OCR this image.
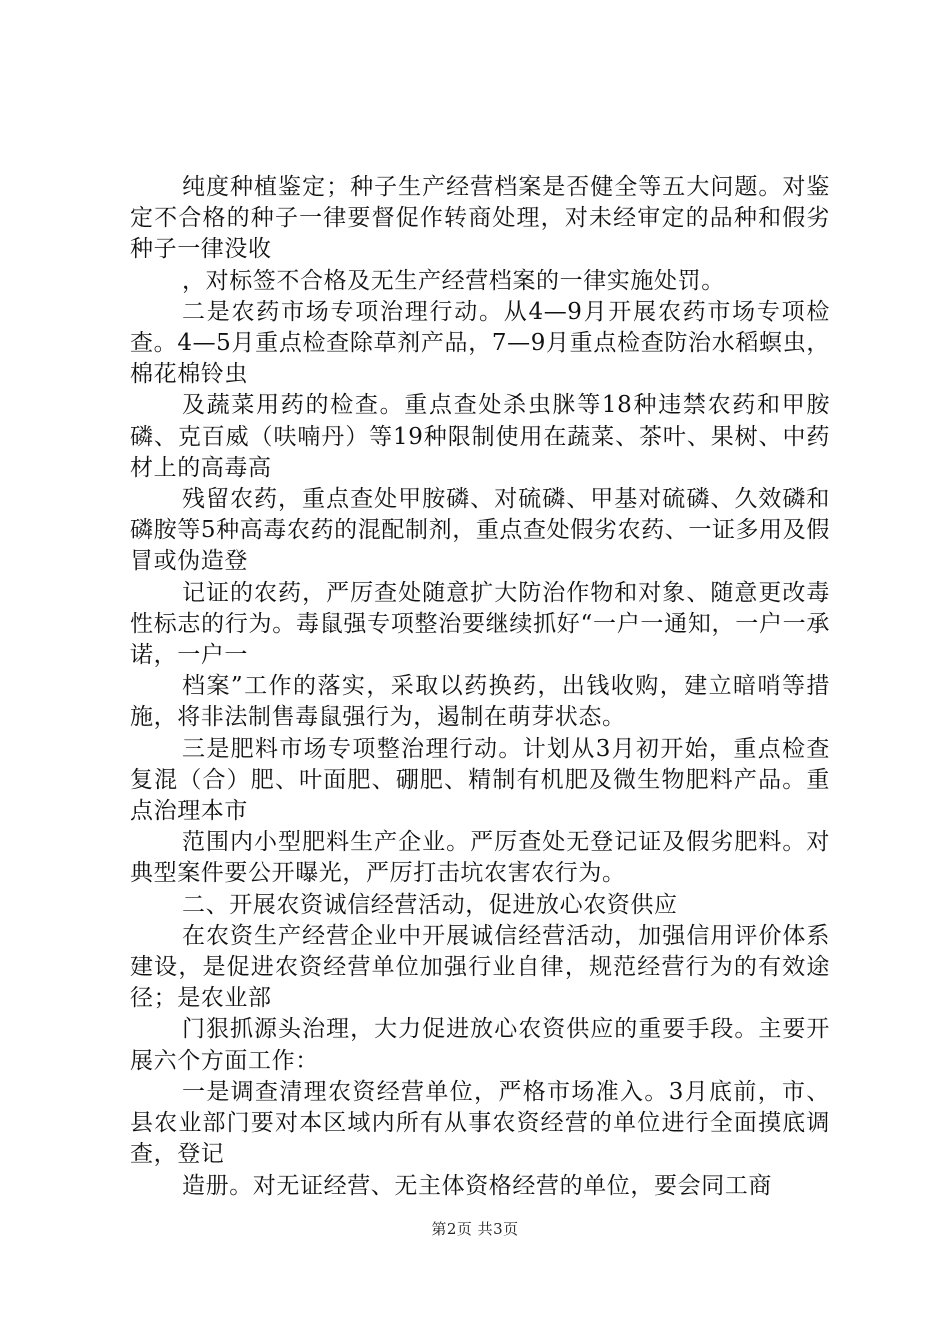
纯度种植鉴定；种子生产经营档案是否健全等五大问题。对鉴定不合格的种子一律要督促作转商处理，对未经审定的品种和假劣种子一律没收

，对标签不合格及无生产经营档案的一律实施处罚。

二是农药市场专项治理行动。从4—9月开展农药市场专项检查。4—5月重点检查除草剂产品，7—9月重点检查防治水稻螟虫，棉花棉铃虫

及蔬菜用药的检查。重点查处杀虫脒等18种违禁农药和甲胺磷、克百威（呋喃丹）等19种限制使用在蔬菜、茶叶、果树、中药材上的高毒高

残留农药，重点查处甲胺磷、对硫磷、甲基对硫磷、久效磷和磷胺等5种高毒农药的混配制剂，重点查处假劣农药、一证多用及假冒或伪造登

记证的农药，严厉查处随意扩大防治作物和对象、随意更改毒性标志的行为。毒鼠强专项整治要继续抓好“一户一通知，一户一承诺，一户一

档案”工作的落实，采取以药换药，出钱收购，建立暗哨等措施，将非法制售毒鼠强行为，遏制在萌芽状态。

三是肥料市场专项整治理行动。计划从3月初开始，重点检查复混（合）肥、叶面肥、硼肥、精制有机肥及微生物肥料产品。重点治理本市

范围内小型肥料生产企业。严厉查处无登记证及假劣肥料。对典型案件要公开曝光，严厉打击坑农害农行为。

二、开展农资诚信经营活动，促进放心农资供应

在农资生产经营企业中开展诚信经营活动，加强信用评价体系建设，是促进农资经营单位加强行业自律，规范经营行为的有效途径；是农业部

门狠抓源头治理，大力促进放心农资供应的重要手段。主要开展六个方面工作：

一是调查清理农资经营单位，严格市场准入。3月底前，市、县农业部门要对本区域内所有从事农资经营的单位进行全面摸底调查，登记

造册。对无证经营、无主体资格经营的单位，要会同工商

第2页 共3页
